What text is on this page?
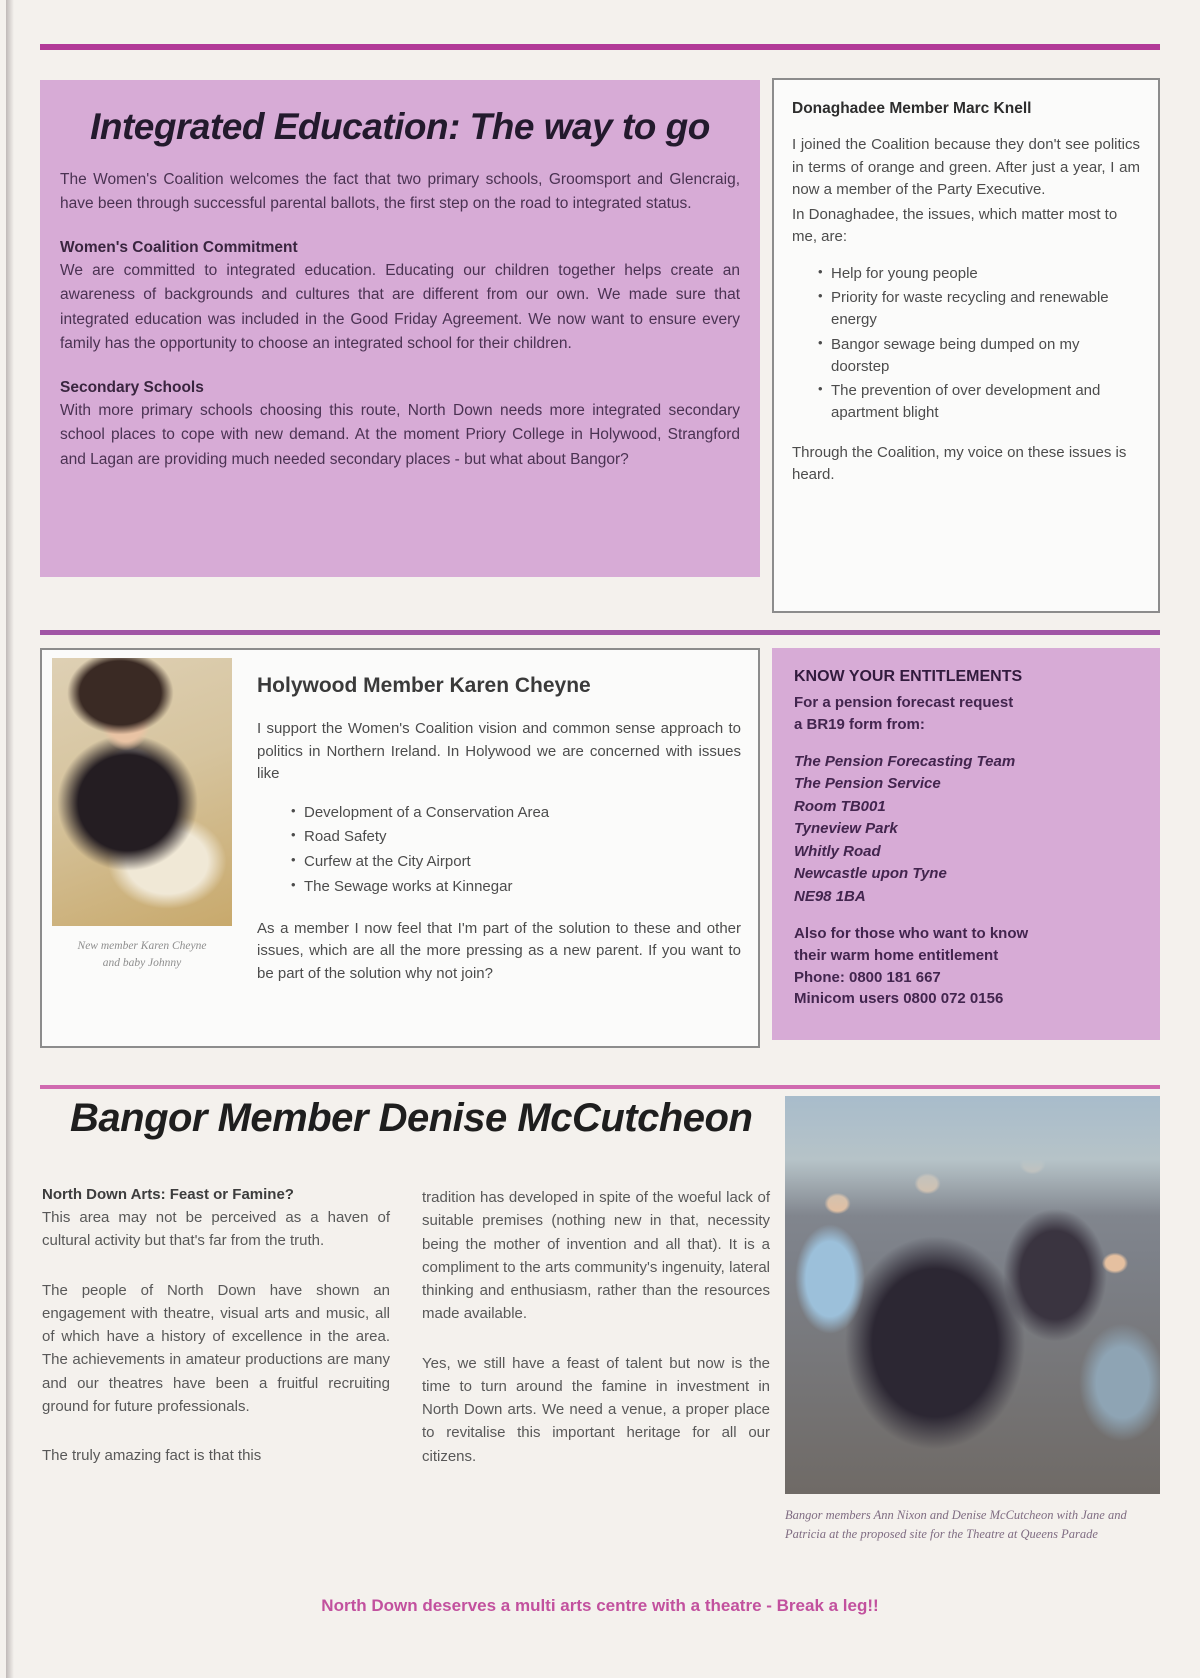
Integrated Education: The way to go

The Women's Coalition welcomes the fact that two primary schools, Groomsport and Glencraig, have been through successful parental ballots, the first step on the road to integrated status.

Women's Coalition Commitment

We are committed to integrated education. Educating our children together helps create an awareness of backgrounds and cultures that are different from our own. We made sure that integrated education was included in the Good Friday Agreement. We now want to ensure every family has the opportunity to choose an integrated school for their children.

Secondary Schools

With more primary schools choosing this route, North Down needs more integrated secondary school places to cope with new demand. At the moment Priory College in Holywood, Strangford and Lagan are providing much needed secondary places - but what about Bangor?

Donaghadee Member Marc Knell

I joined the Coalition because they don't see politics in terms of orange and green. After just a year, I am now a member of the Party Executive.

In Donaghadee, the issues, which matter most to me, are:

• Help for young people
• Priority for waste recycling and renewable energy
• Bangor sewage being dumped on my doorstep
• The prevention of over development and apartment blight

Through the Coalition, my voice on these issues is heard.

New member Karen Cheyne
and baby Johnny
Holywood Member Karen Cheyne

I support the Women's Coalition vision and common sense approach to politics in Northern Ireland. In Holywood we are concerned with issues like

• Development of a Conservation Area
• Road Safety
• Curfew at the City Airport
• The Sewage works at Kinnegar

As a member I now feel that I'm part of the solution to these and other issues, which are all the more pressing as a new parent. If you want to be part of the solution why not join?

KNOW YOUR ENTITLEMENTS
For a pension forecast request
a BR19 form from:
The Pension Forecasting Team
The Pension Service
Room TB001
Tyneview Park
Whitly Road
Newcastle upon Tyne
NE98 1BA
Also for those who want to know
their warm home entitlement
Phone: 0800 181 667
Minicom users 0800 072 0156
Bangor Member Denise McCutcheon
North Down Arts: Feast or Famine?

This area may not be perceived as a haven of cultural activity but that's far from the truth.

The people of North Down have shown an engagement with theatre, visual arts and music, all of which have a history of excellence in the area. The achievements in amateur productions are many and our theatres have been a fruitful recruiting ground for future professionals.

The truly amazing fact is that this

tradition has developed in spite of the woeful lack of suitable premises (nothing new in that, necessity being the mother of invention and all that). It is a compliment to the arts community's ingenuity, lateral thinking and enthusiasm, rather than the resources made available.

Yes, we still have a feast of talent but now is the time to turn around the famine in investment in North Down arts. We need a venue, a proper place to revitalise this important heritage for all our citizens.

Bangor members Ann Nixon and Denise McCutcheon with Jane and Patricia at the proposed site for the Theatre at Queens Parade
North Down deserves a multi arts centre with a theatre - Break a leg!!
